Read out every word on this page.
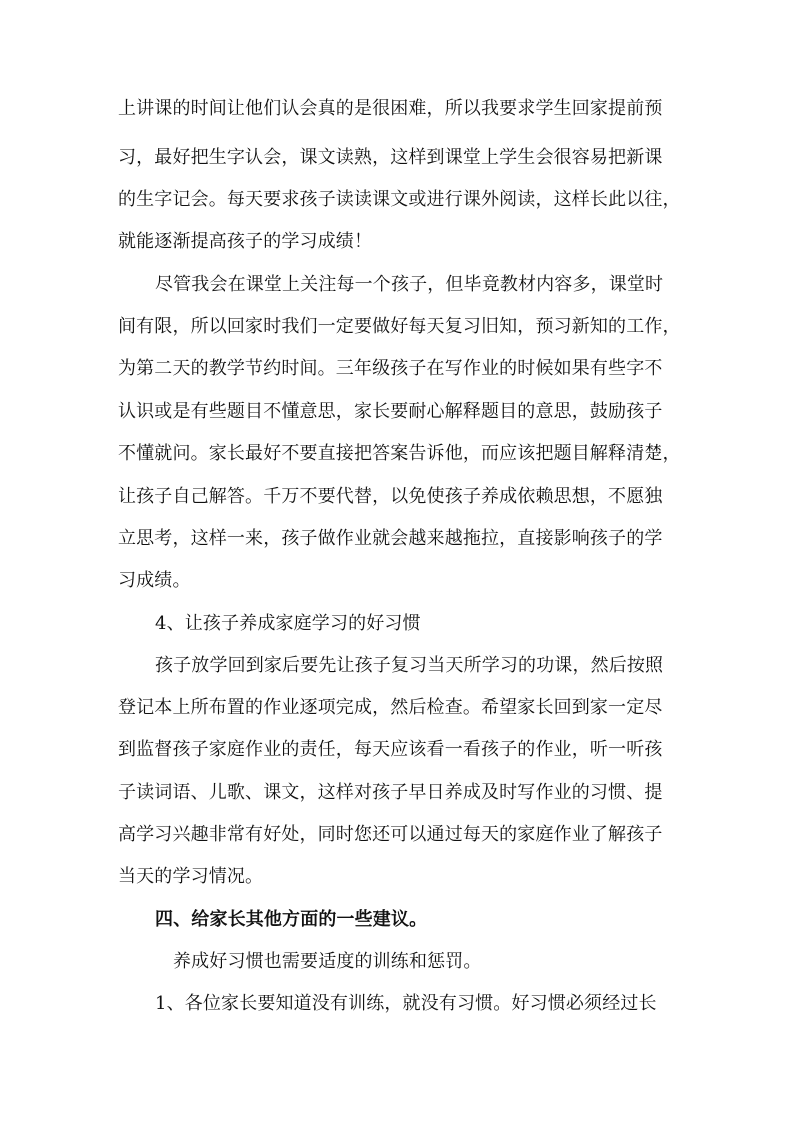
上讲课的时间让他们认会真的是很困难，所以我要求学生回家提前预
习，最好把生字认会，课文读熟，这样到课堂上学生会很容易把新课
的生字记会。每天要求孩子读读课文或进行课外阅读，这样长此以往，
就能逐渐提高孩子的学习成绩！
尽管我会在课堂上关注每一个孩子，但毕竟教材内容多，课堂时
间有限，所以回家时我们一定要做好每天复习旧知，预习新知的工作，
为第二天的教学节约时间。三年级孩子在写作业的时候如果有些字不
认识或是有些题目不懂意思，家长要耐心解释题目的意思，鼓励孩子
不懂就问。家长最好不要直接把答案告诉他，而应该把题目解释清楚，
让孩子自己解答。千万不要代替，以免使孩子养成依赖思想，不愿独
立思考，这样一来，孩子做作业就会越来越拖拉，直接影响孩子的学
习成绩。
4、让孩子养成家庭学习的好习惯
孩子放学回到家后要先让孩子复习当天所学习的功课，然后按照
登记本上所布置的作业逐项完成，然后检查。希望家长回到家一定尽
到监督孩子家庭作业的责任，每天应该看一看孩子的作业，听一听孩
子读词语、儿歌、课文，这样对孩子早日养成及时写作业的习惯、提
高学习兴趣非常有好处，同时您还可以通过每天的家庭作业了解孩子
当天的学习情况。
四、给家长其他方面的一些建议。
养成好习惯也需要适度的训练和惩罚。
1、各位家长要知道没有训练，就没有习惯。好习惯必须经过长
